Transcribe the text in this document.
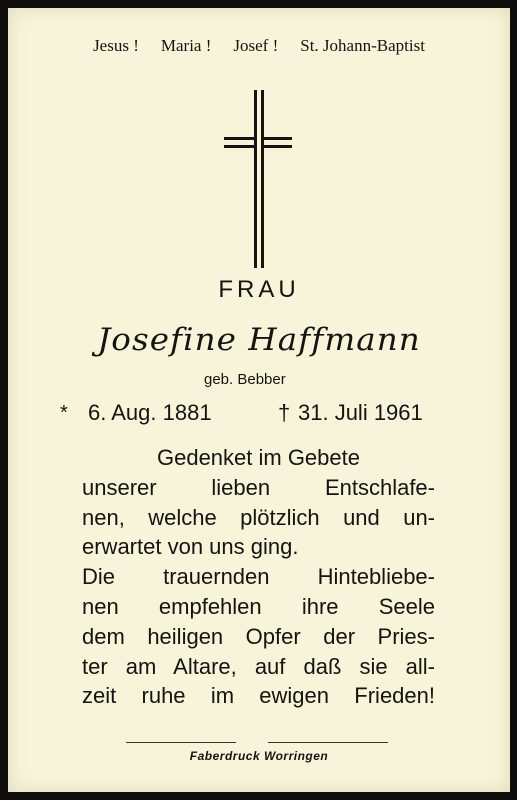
Jesus ! Maria ! Josef ! St. Johann-Baptist
FRAU
Josefine Haffmann
geb. Bebber
* 6. Aug. 1881	† 31. Juli 1961
Gedenket im Gebete
unserer lieben Entschlafe-
nen, welche plötzlich und un-
erwartet von uns ging.
Die trauernden Hintebliebe-
nen empfehlen ihre Seele
dem heiligen Opfer der Pries-
ter am Altare, auf daß sie all-
zeit ruhe im ewigen Frieden!
Faberdruck Worringen
